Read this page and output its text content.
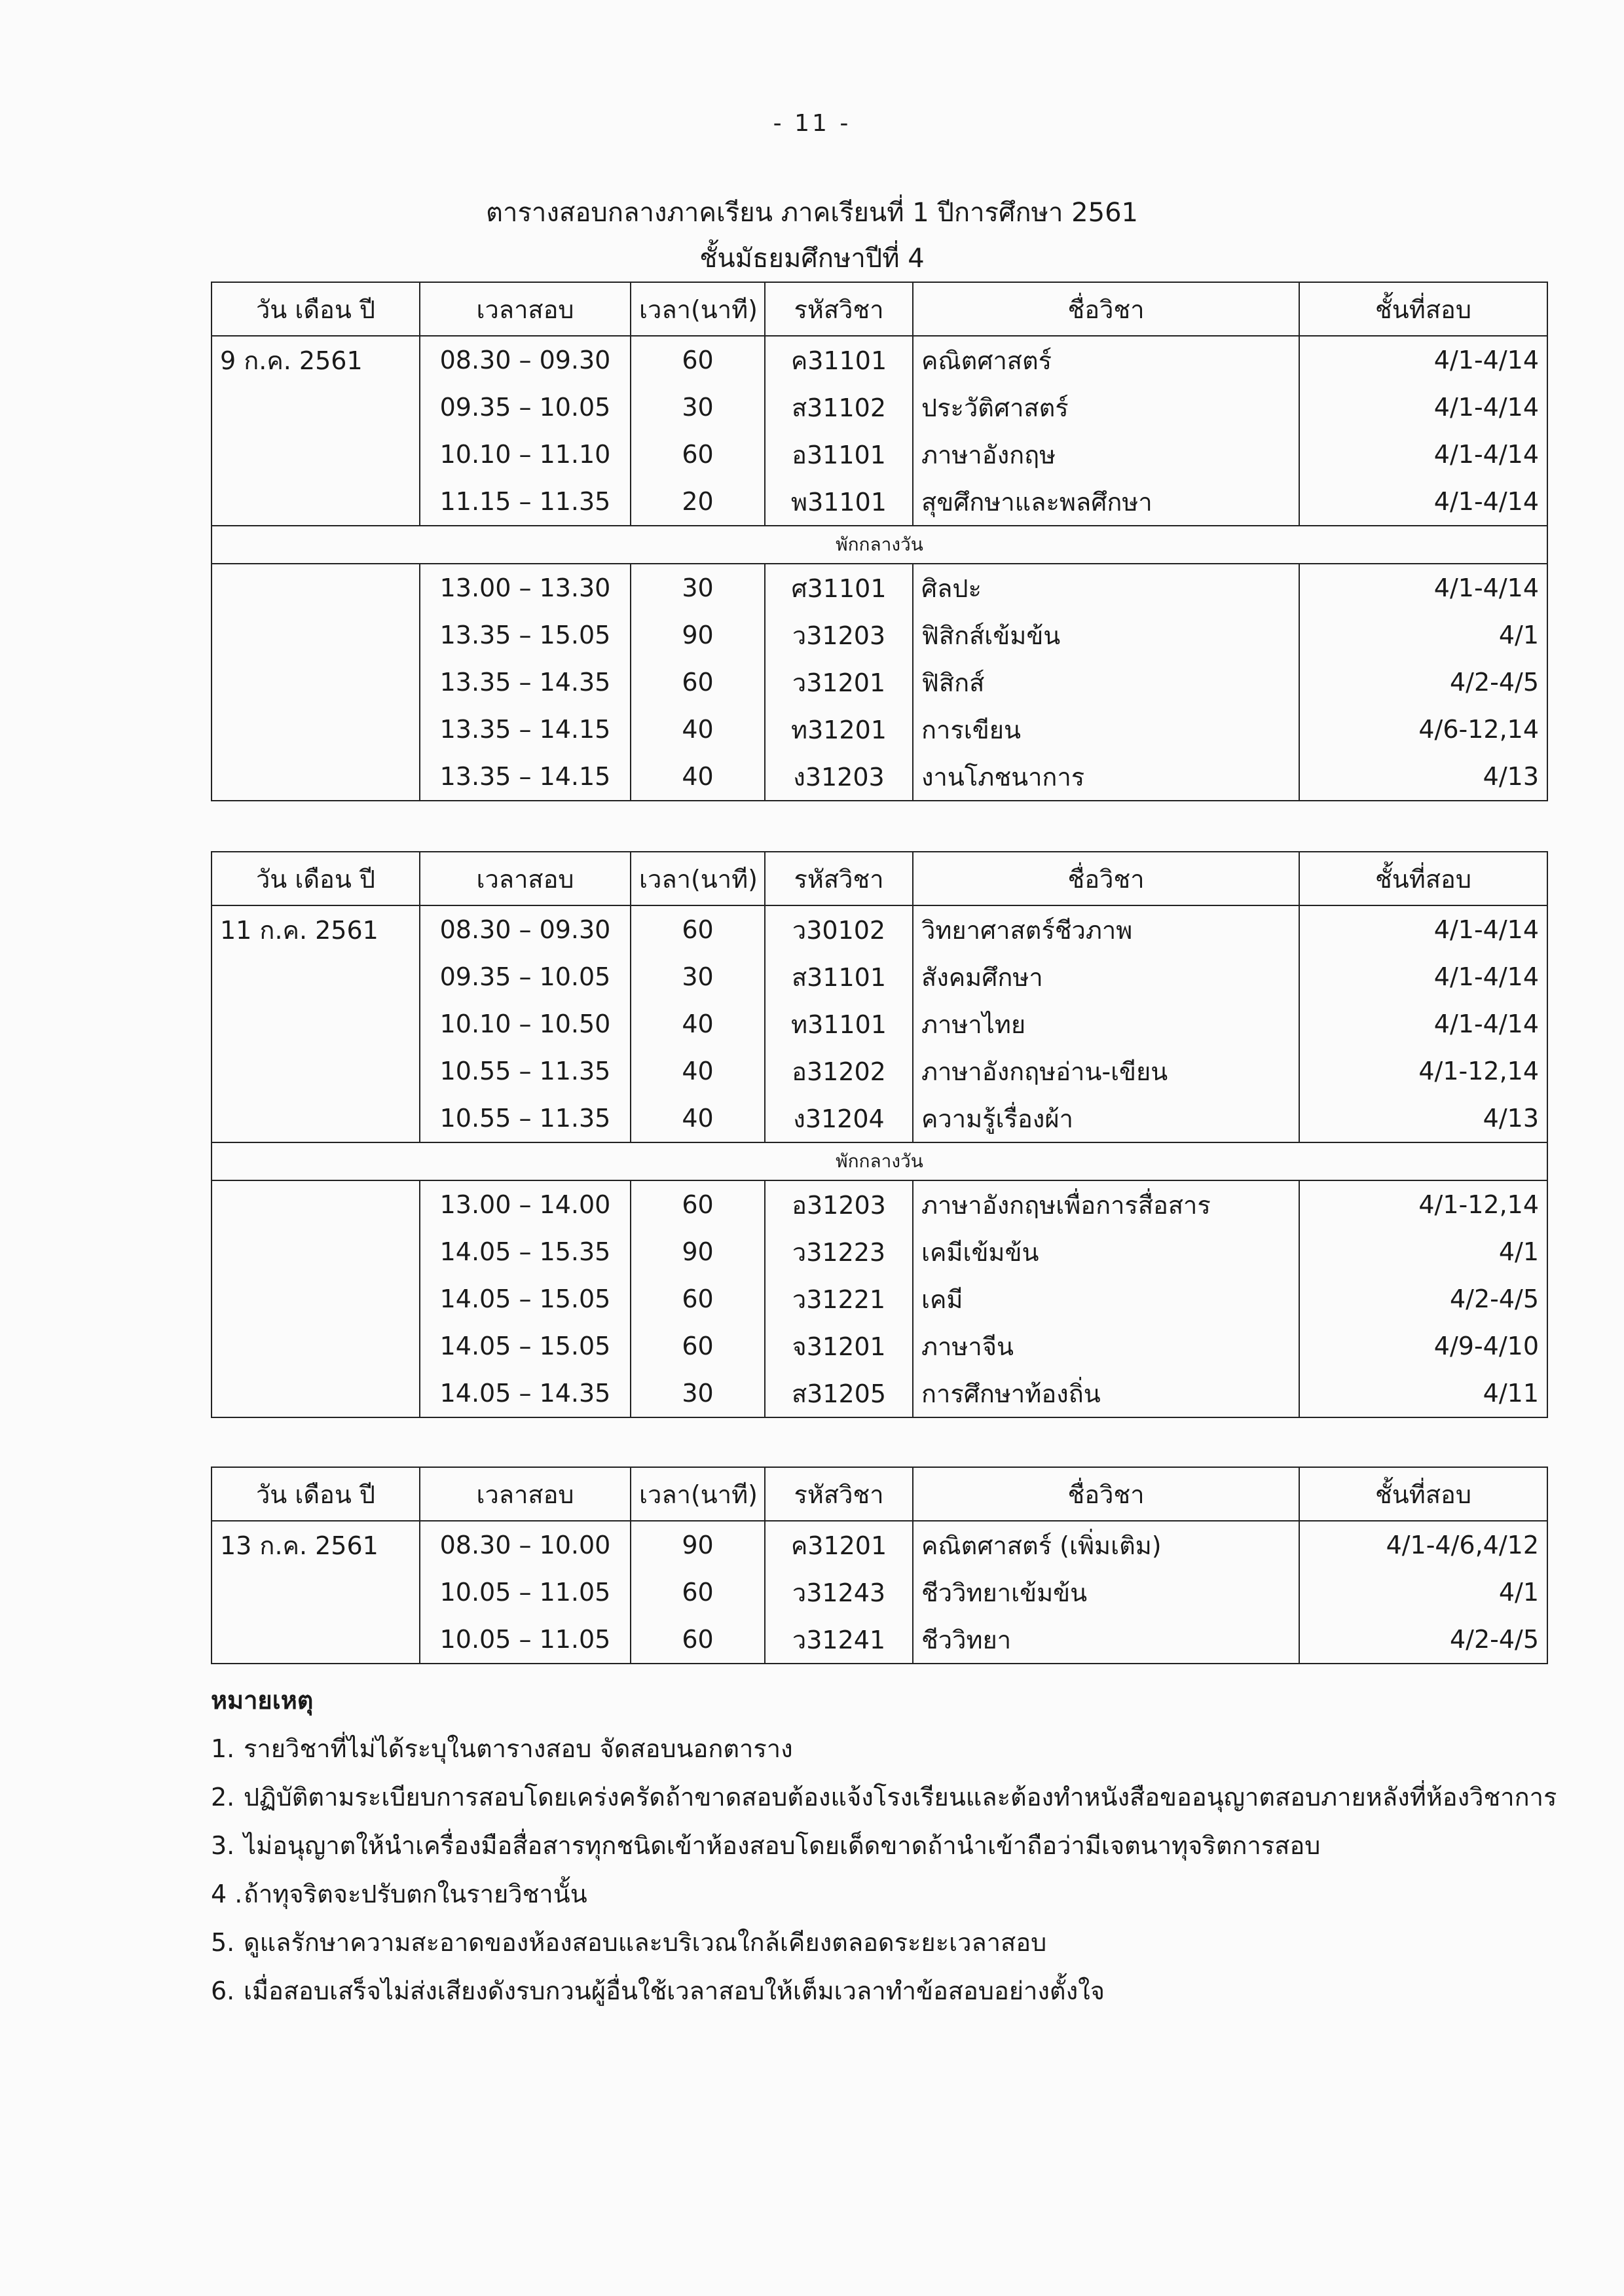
- 11 -
ตารางสอบกลางภาคเรียน ภาคเรียนที่ 1 ปีการศึกษา 2561
ชั้นมัธยมศึกษาปีที่ 4
วัน เดือน ปี	เวลาสอบ	เวลา(นาที)	รหัสวิชา	ชื่อวิชา	ชั้นที่สอบ
9 ก.ค. 2561	08.30 – 09.30	60	ค31101	คณิตศาสตร์	4/1-4/14
	09.35 – 10.05	30	ส31102	ประวัติศาสตร์	4/1-4/14
	10.10 – 11.10	60	อ31101	ภาษาอังกฤษ	4/1-4/14
	11.15 – 11.35	20	พ31101	สุขศึกษาและพลศึกษา	4/1-4/14
พักกลางวัน					
	13.00 – 13.30	30	ศ31101	ศิลปะ	4/1-4/14
	13.35 – 15.05	90	ว31203	ฟิสิกส์เข้มข้น	4/1
	13.35 – 14.35	60	ว31201	ฟิสิกส์	4/2-4/5
	13.35 – 14.15	40	ท31201	การเขียน	4/6-12,14
	13.35 – 14.15	40	ง31203	งานโภชนาการ	4/13
วัน เดือน ปี	เวลาสอบ	เวลา(นาที)	รหัสวิชา	ชื่อวิชา	ชั้นที่สอบ
11 ก.ค. 2561	08.30 – 09.30	60	ว30102	วิทยาศาสตร์ชีวภาพ	4/1-4/14
	09.35 – 10.05	30	ส31101	สังคมศึกษา	4/1-4/14
	10.10 – 10.50	40	ท31101	ภาษาไทย	4/1-4/14
	10.55 – 11.35	40	อ31202	ภาษาอังกฤษอ่าน-เขียน	4/1-12,14
	10.55 – 11.35	40	ง31204	ความรู้เรื่องผ้า	4/13
พักกลางวัน					
	13.00 – 14.00	60	อ31203	ภาษาอังกฤษเพื่อการสื่อสาร	4/1-12,14
	14.05 – 15.35	90	ว31223	เคมีเข้มข้น	4/1
	14.05 – 15.05	60	ว31221	เคมี	4/2-4/5
	14.05 – 15.05	60	จ31201	ภาษาจีน	4/9-4/10
	14.05 – 14.35	30	ส31205	การศึกษาท้องถิ่น	4/11
วัน เดือน ปี	เวลาสอบ	เวลา(นาที)	รหัสวิชา	ชื่อวิชา	ชั้นที่สอบ
13 ก.ค. 2561	08.30 – 10.00	90	ค31201	คณิตศาสตร์ (เพิ่มเติม)	4/1-4/6,4/12
	10.05 – 11.05	60	ว31243	ชีววิทยาเข้มข้น	4/1
	10.05 – 11.05	60	ว31241	ชีววิทยา	4/2-4/5
หมายเหตุ
1. รายวิชาที่ไม่ได้ระบุในตารางสอบ จัดสอบนอกตาราง
2. ปฏิบัติตามระเบียบการสอบโดยเคร่งครัดถ้าขาดสอบต้องแจ้งโรงเรียนและต้องทำหนังสือขออนุญาตสอบภายหลังที่ห้องวิชาการ
3. ไม่อนุญาตให้นำเครื่องมือสื่อสารทุกชนิดเข้าห้องสอบโดยเด็ดขาดถ้านำเข้าถือว่ามีเจตนาทุจริตการสอบ
4 .ถ้าทุจริตจะปรับตกในรายวิชานั้น
5. ดูแลรักษาความสะอาดของห้องสอบและบริเวณใกล้เคียงตลอดระยะเวลาสอบ
6. เมื่อสอบเสร็จไม่ส่งเสียงดังรบกวนผู้อื่นใช้เวลาสอบให้เต็มเวลาทำข้อสอบอย่างตั้งใจ
